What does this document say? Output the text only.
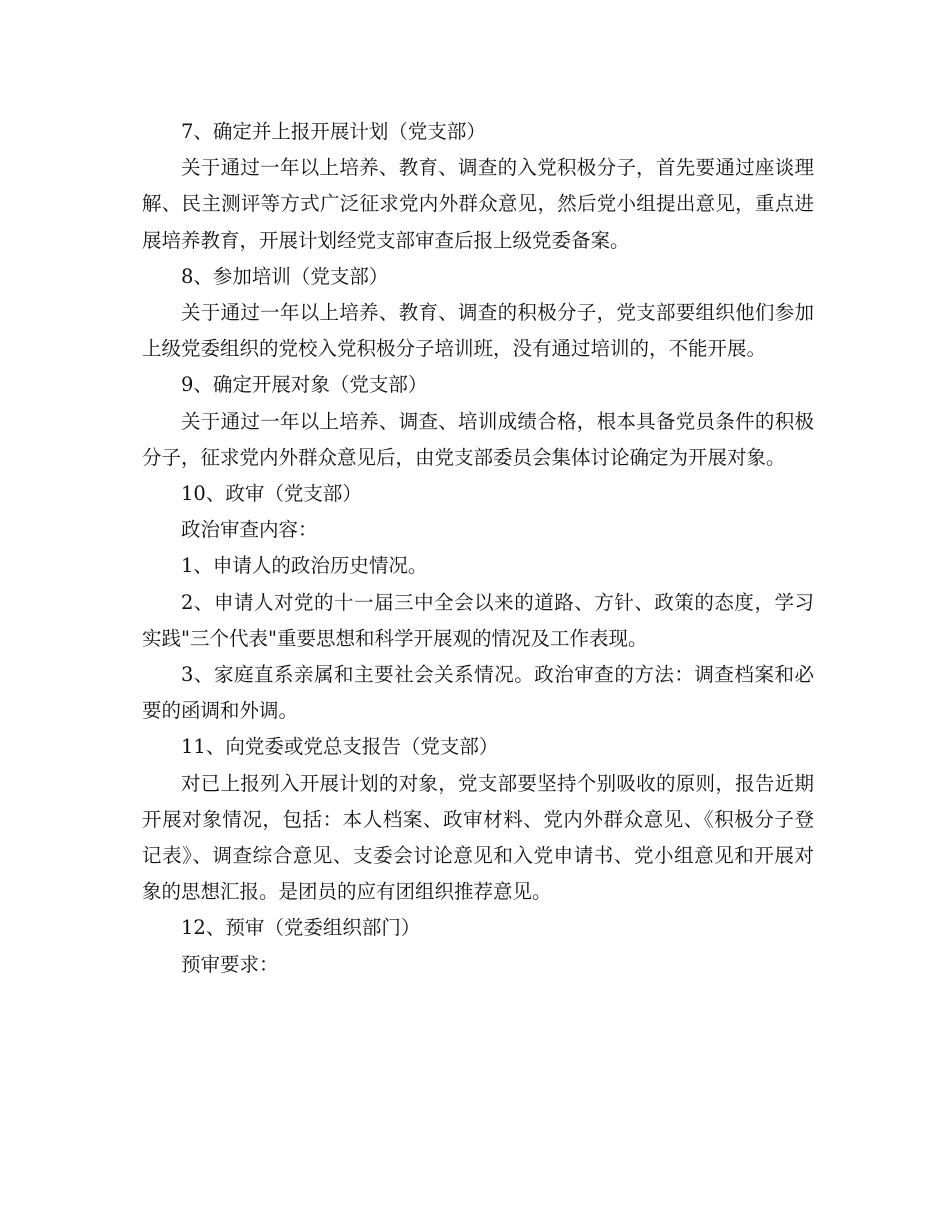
7、确定并上报开展计划（党支部）

关于通过一年以上培养、教育、调查的入党积极分子，首先要通过座谈理解、民主测评等方式广泛征求党内外群众意见，然后党小组提出意见，重点进展培养教育，开展计划经党支部审查后报上级党委备案。

8、参加培训（党支部）

关于通过一年以上培养、教育、调查的积极分子，党支部要组织他们参加上级党委组织的党校入党积极分子培训班，没有通过培训的，不能开展。

9、确定开展对象（党支部）

关于通过一年以上培养、调查、培训成绩合格，根本具备党员条件的积极分子，征求党内外群众意见后，由党支部委员会集体讨论确定为开展对象。

10、政审（党支部）

政治审查内容：

1、申请人的政治历史情况。

2、申请人对党的十一届三中全会以来的道路、方针、政策的态度，学习实践"三个代表"重要思想和科学开展观的情况及工作表现。

3、家庭直系亲属和主要社会关系情况。政治审查的方法：调查档案和必要的函调和外调。

11、向党委或党总支报告（党支部）

对已上报列入开展计划的对象，党支部要坚持个别吸收的原则，报告近期开展对象情况，包括：本人档案、政审材料、党内外群众意见、《积极分子登记表》、调查综合意见、支委会讨论意见和入党申请书、党小组意见和开展对象的思想汇报。是团员的应有团组织推荐意见。

12、预审（党委组织部门）

预审要求：
